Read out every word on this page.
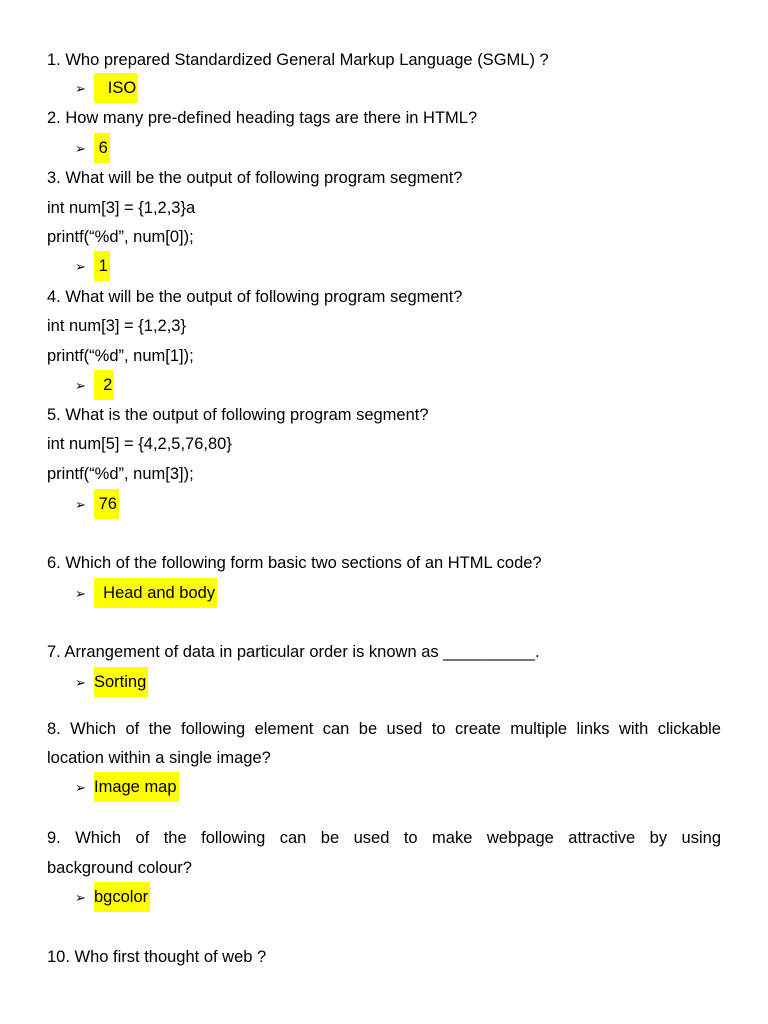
1. Who prepared Standardized General Markup Language (SGML) ?
➢ ISO
2. How many pre-defined heading tags are there in HTML?
➢ 6
3. What will be the output of following program segment?
int num[3] = {1,2,3}a
printf(“%d”, num[0]);
➢ 1
4. What will be the output of following program segment?
int num[3] = {1,2,3}
printf(“%d”, num[1]);
➢ 2
5. What is the output of following program segment?
int num[5] = {4,2,5,76,80}
printf(“%d”, num[3]);
➢ 76
6. Which of the following form basic two sections of an HTML code?
➢ Head and body
7. Arrangement of data in particular order is known as __________.
➢ Sorting
8. Which of the following element can be used to create multiple links with clickable
location within a single image?
➢ Image map
9. Which of the following can be used to make webpage attractive by using
background colour?
➢ bgcolor
10. Who first thought of web ?
